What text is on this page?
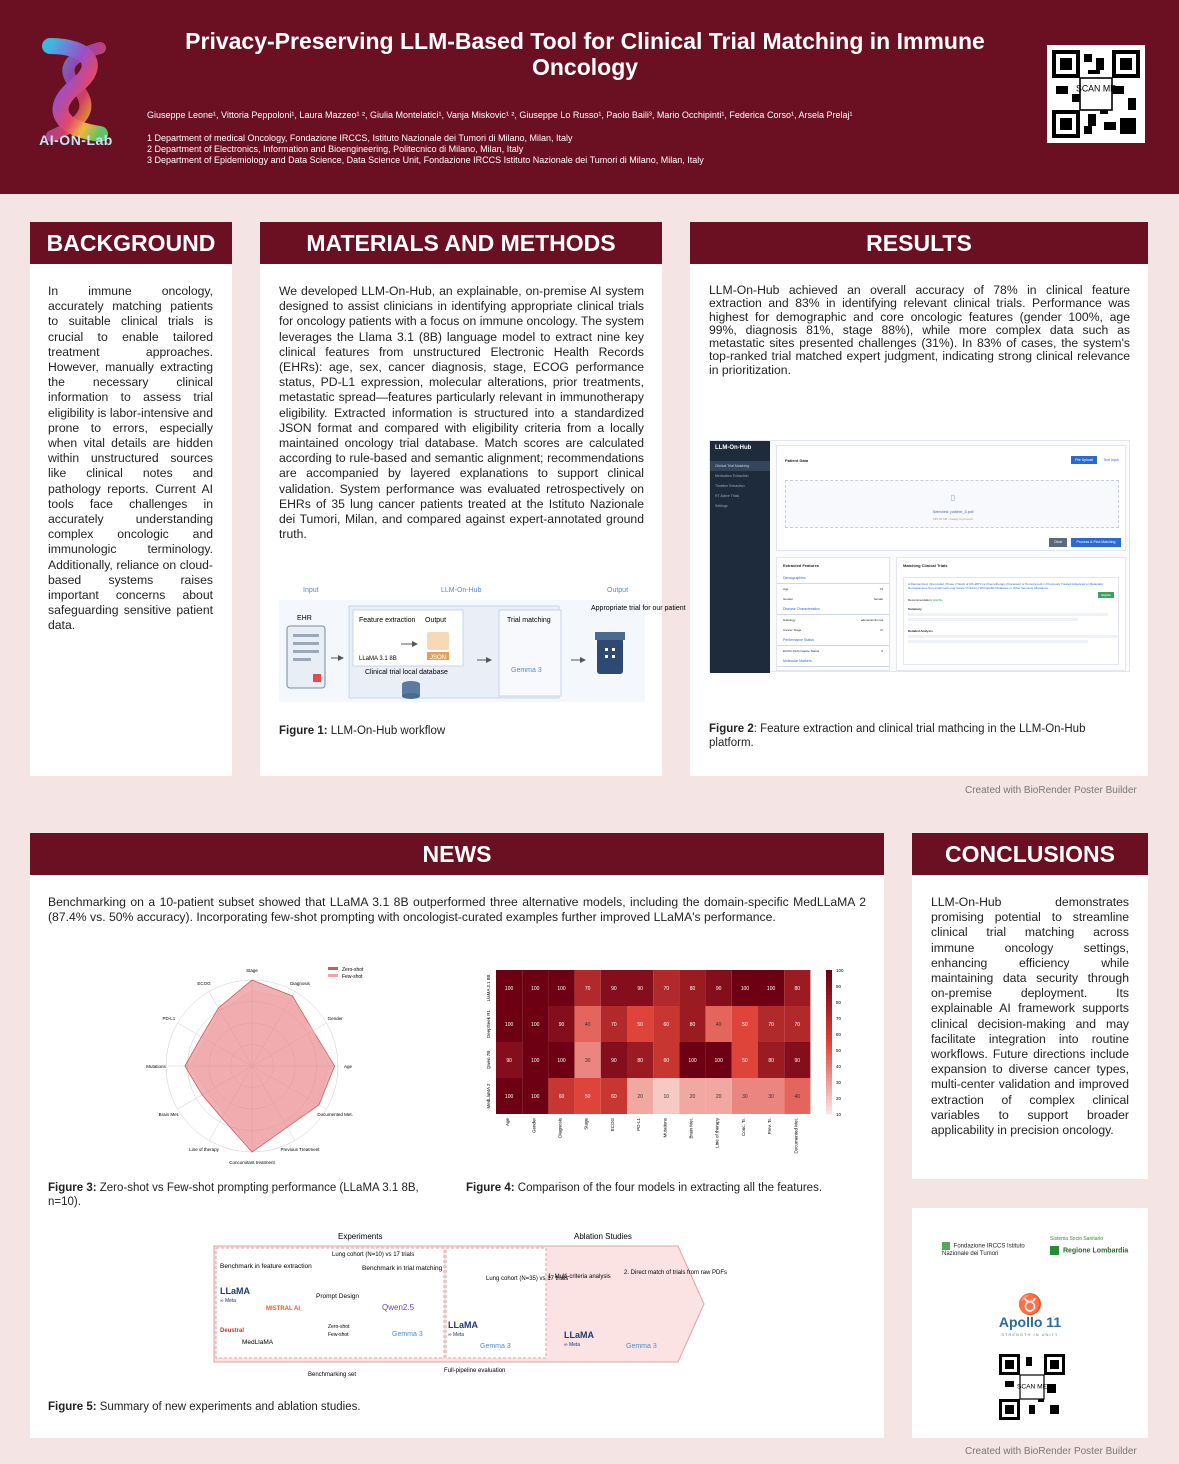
AI-ON-Lab
Privacy-Preserving LLM-Based Tool for Clinical Trial Matching in Immune Oncology
Giuseppe Leone¹, Vittoria Peppoloni¹, Laura Mazzeo¹ ², Giulia Montelatici¹, Vanja Miskovic¹ ², Giuseppe Lo Russo¹, Paolo Baili³, Mario Occhipinti¹, Federica Corso¹, Arsela Prelaj¹
1 Department of medical Oncology, Fondazione IRCCS, Istituto Nazionale dei Tumori di Milano, Milan, Italy
2 Department of Electronics, Information and Bioengineering, Politecnico di Milano, Milan, Italy
3 Department of Epidemiology and Data Science, Data Science Unit, Fondazione IRCCS Istituto Nazionale dei Tumori di Milano, Milan, Italy
SCAN ME
BACKGROUND
In immune oncology, accurately matching patients to suitable clinical trials is crucial to enable tailored treatment approaches. However, manually extracting the necessary clinical information to assess trial eligibility is labor-intensive and prone to errors, especially when vital details are hidden within unstructured sources like clinical notes and pathology reports. Current AI tools face challenges in accurately understanding complex oncologic and immunologic terminology. Additionally, reliance on cloud-based systems raises important concerns about safeguarding sensitive patient data.
MATERIALS AND METHODS
We developed LLM-On-Hub, an explainable, on-premise AI system designed to assist clinicians in identifying appropriate clinical trials for oncology patients with a focus on immune oncology. The system leverages the Llama 3.1 (8B) language model to extract nine key clinical features from unstructured Electronic Health Records (EHRs): age, sex, cancer diagnosis, stage, ECOG performance status, PD-L1 expression, molecular alterations, prior treatments, metastatic spread—features particularly relevant in immunotherapy eligibility. Extracted information is structured into a standardized JSON format and compared with eligibility criteria from a locally maintained oncology trial database. Match scores are calculated according to rule-based and semantic alignment; recommendations are accompanied by layered explanations to support clinical validation. System performance was evaluated retrospectively on EHRs of 35 lung cancer patients treated at the Istituto Nazionale dei Tumori, Milan, and compared against expert-annotated ground truth.
Input	LLM-On-Hub	Output
EHR	Feature extraction Output
LLaMA 3.1 8B	JSON
Clinical trial local database
Trial matching
Gemma 3
Appropriate trial for our patient
Figure 1: LLM-On-Hub workflow
RESULTS
LLM-On-Hub achieved an overall accuracy of 78% in clinical feature extraction and 83% in identifying relevant clinical trials. Performance was highest for demographic and core oncologic features (gender 100%, age 99%, diagnosis 81%, stage 88%), while more complex data such as metastatic sites presented challenges (31%). In 83% of cases, the system's top-ranked trial matched expert judgment, indicating strong clinical relevance in prioritization.
LLM-On-Hub
Clinical Trial Matching
Medication Extraction
Timeline Extraction
RT Active Trials
Settings
Patient Data	File Upload	Text Input
▯
Selected: patient_5.pdf
195.43 KB - Ready to process
Clear	Process & Find Matching
Extracted Features
Demographics
Age	73
Gender	female
Disease Characteristics
Histology	adenocarcinoma
Cancer Stage	IV
Performance Status
ECOG Performance Status	0
Molecular Markers
Matching Clinical Trials
A Randomized, Open-label, Phase 3 Study of MK-2870 vs Chemotherapy (Docetaxel or Pemetrexed) in Previously Treated Advanced or Metastatic Nonsquamous Non-small Cell Lung Cancer (NSCLC) With EGFR Mutations or Other Genomic Alterations
Eligible
Recommendation: Eligible
Summary
Detailed Analysis
Figure 2: Feature extraction and clinical trial mathcing in the LLM-On-Hub platform.
Created with BioRender Poster Builder
NEWS
Benchmarking on a 10-patient subset showed that LLaMA 3.1 8B outperformed three alternative models, including the domain-specific MedLLaMA 2 (87.4% vs. 50% accuracy). Incorporating few-shot prompting with oncologist-curated examples further improved LLaMA's performance.
Stage
Diagnosis
Gender
Age
Documented Met.
Previous Treatment
Concomitant treatment
Line of therapy
Brain Met.
Mutations
PD-L1
ECOG
Zero-shot
Few-shot
100	100	100	70	90	90	70	80	90	100	100	80
100	100	90	40	70	50	60	80	40	50	70	70
90	100	100	30	90	80	60	100	100	50	80	90
100	100	60	50	60	20	10	20	20	30	30	40
LlaMA 3.1 8B
DeepSeek R1
Qwen 7B
MedLlaMA 2
Age	Gender	Diagnosis	Stage	ECOG	PD-L1	Mutations	Brain Met.	Line of therapy	Conc. Tr.	Prev. Tr.	Documented Met.
100
90
80
70
60
50
40
30
20
10
Figure 3: Zero-shot vs Few-shot prompting performance (LLaMA 3.1 8B, n=10).
Figure 4: Comparison of the four models in extracting all the features.
Experiments	Ablation Studies
Benchmark in feature extraction
Lung cohort (N=10) vs 17 trials
Benchmark in trial matching
LLaMA
∞ Meta
MISTRAL AI_
Deustral
MedLlaMA
Prompt Design
Zero-shot
Few-shot
Qwen2.5
Gemma 3
Lung cohort (N=35) vs 17 trials
LLaMA
∞ Meta
Gemma 3
1. Multi-criteria analysis
2. Direct match of trials from raw PDFs
LLaMA
∞ Meta	Gemma 3
Benchmarking set
Full-pipeline evaluation
Figure 5: Summary of new experiments and ablation studies.
CONCLUSIONS
LLM-On-Hub demonstrates promising potential to streamline clinical trial matching across immune oncology settings, enhancing efficiency while maintaining data security through on-premise deployment. Its explainable AI framework supports clinical decision-making and may facilitate integration into routine workflows. Future directions include expansion to diverse cancer types, multi-center validation and improved extraction of complex clinical variables to support broader applicability in precision oncology.
Fondazione IRCCS Istituto Nazionale dei Tumori
Sistema Socio Sanitario
Regione Lombardia
♉
Apollo 11
STRENGTH IN UNITY
SCAN ME
Created with BioRender Poster Builder
